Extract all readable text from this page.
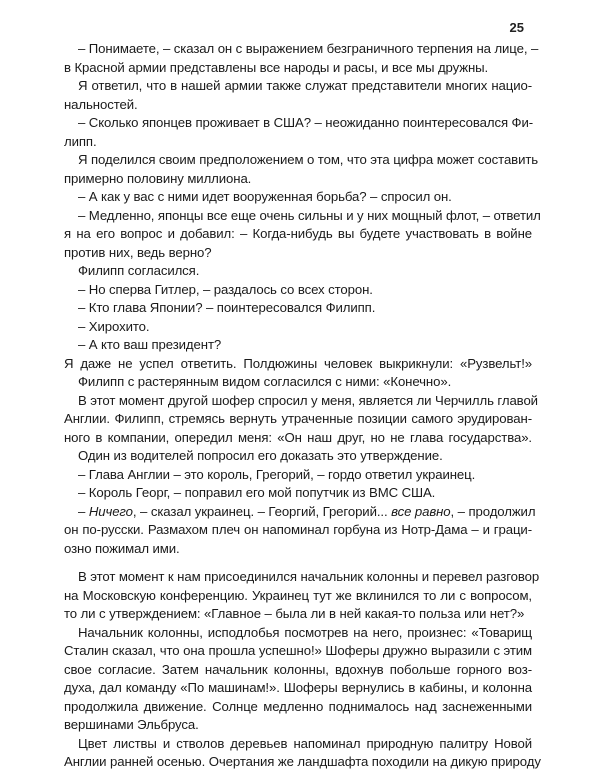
25
– Понимаете, – сказал он с выражением безграничного терпения на лице, –
в Красной армии представлены все народы и расы, и все мы дружны.
Я ответил, что в нашей армии также служат представители многих нацио-
нальностей.
– Сколько японцев проживает в США? – неожиданно поинтересовался Фи-
липп.
Я поделился своим предположением о том, что эта цифра может составить
примерно половину миллиона.
– А как у вас с ними идет вооруженная борьба? – спросил он.
– Медленно, японцы все еще очень сильны и у них мощный флот, – ответил
я на его вопрос и добавил: – Когда-нибудь вы будете участвовать в войне
против них, ведь верно?
Филипп согласился.
– Но сперва Гитлер, – раздалось со всех сторон.
– Кто глава Японии? – поинтересовался Филипп.
– Хирохито.
– А кто ваш президент?
Я даже не успел ответить. Полдюжины человек выкрикнули: «Рузвельт!»
Филипп с растерянным видом согласился с ними: «Конечно».
В этот момент другой шофер спросил у меня, является ли Черчилль главой
Англии. Филипп, стремясь вернуть утраченные позиции самого эрудирован-
ного в компании, опередил меня: «Он наш друг, но не глава государства».
Один из водителей попросил его доказать это утверждение.
– Глава Англии – это король, Грегорий, – гордо ответил украинец.
– Король Георг, – поправил его мой попутчик из ВМС США.
– Ничего, – сказал украинец. – Георгий, Грегорий... все равно, – продолжил
он по-русски. Размахом плеч он напоминал горбуна из Нотр-Дама – и граци-
озно пожимал ими.
В этот момент к нам присоединился начальник колонны и перевел разговор
на Московскую конференцию. Украинец тут же вклинился то ли с вопросом,
то ли с утверждением: «Главное – была ли в ней какая-то польза или нет?»
Начальник колонны, исподлобья посмотрев на него, произнес: «Товарищ
Сталин сказал, что она прошла успешно!» Шоферы дружно выразили с этим
свое согласие. Затем начальник колонны, вдохнув побольше горного воз-
духа, дал команду «По машинам!». Шоферы вернулись в кабины, и колонна
продолжила движение. Солнце медленно поднималось над заснеженными
вершинами Эльбруса.
Цвет листвы и стволов деревьев напоминал природную палитру Новой
Англии ранней осенью. Очертания же ландшафта походили на дикую природу
